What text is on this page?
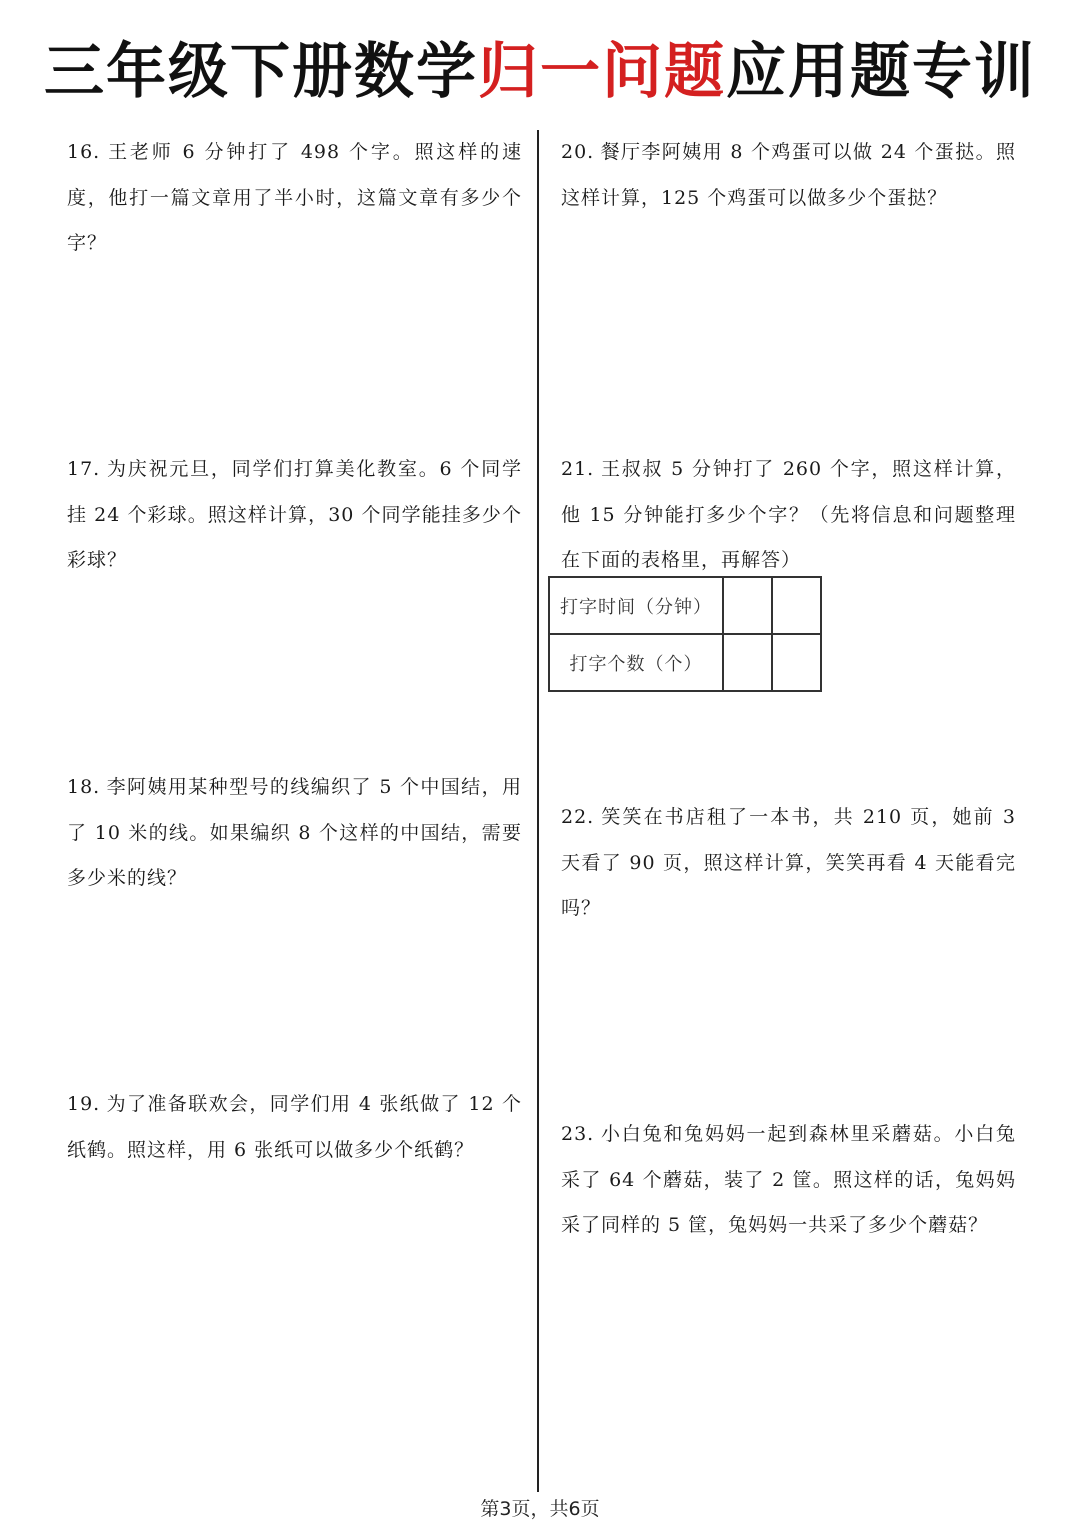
三年级下册数学归一问题应用题专训
16. 王老师 6 分钟打了 498 个字。照这样的速度，他打一篇文章用了半小时，这篇文章有多少个字？
17. 为庆祝元旦，同学们打算美化教室。6 个同学挂 24 个彩球。照这样计算，30 个同学能挂多少个彩球？
18. 李阿姨用某种型号的线编织了 5 个中国结，用了 10 米的线。如果编织 8 个这样的中国结，需要多少米的线？
19. 为了准备联欢会，同学们用 4 张纸做了 12 个纸鹤。照这样，用 6 张纸可以做多少个纸鹤？
20. 餐厅李阿姨用 8 个鸡蛋可以做 24 个蛋挞。照这样计算，125 个鸡蛋可以做多少个蛋挞？
21. 王叔叔 5 分钟打了 260 个字，照这样计算，他 15 分钟能打多少个字？（先将信息和问题整理在下面的表格里，再解答）
打字时间（分钟）		
打字个数（个）		
22. 笑笑在书店租了一本书，共 210 页，她前 3 天看了 90 页，照这样计算，笑笑再看 4 天能看完吗？
23. 小白兔和兔妈妈一起到森林里采蘑菇。小白兔采了 64 个蘑菇，装了 2 筐。照这样的话，兔妈妈采了同样的 5 筐，兔妈妈一共采了多少个蘑菇？
第3页，共6页
